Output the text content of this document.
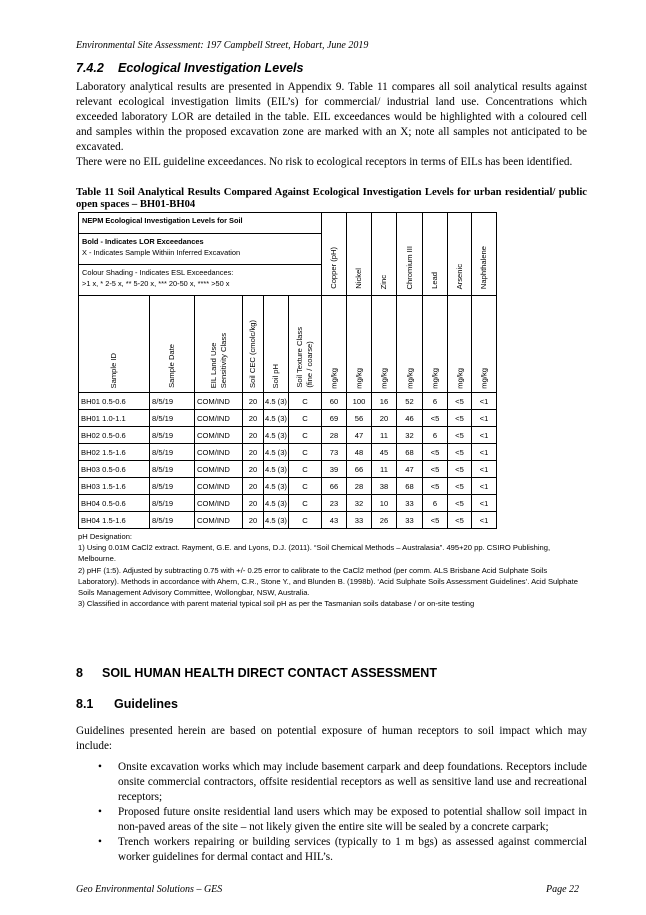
Environmental Site Assessment: 197 Campbell Street, Hobart, June 2019
7.4.2 Ecological Investigation Levels
Laboratory analytical results are presented in Appendix 9. Table 11 compares all soil analytical results against relevant ecological investigation limits (EIL’s) for commercial/ industrial land use. Concentrations which exceeded laboratory LOR are detailed in the table. EIL exceedances would be highlighted with a coloured cell and samples within the proposed excavation zone are marked with an X; note all samples not anticipated to be excavated.
There were no EIL guideline exceedances. No risk to ecological receptors in terms of EILs has been identified.
Table 11 Soil Analytical Results Compared Against Ecological Investigation Levels for urban residential/ public open spaces – BH01-BH04
NEPM Ecological Investigation Levels for Soil						Copper (pH)	Nickel	Zinc	Chromium III	Lead	Arsenic	Naphthalene

Bold - Indicates LOR Exceedances
X - Indicates Sample Withiin Inferred Excavation												

Colour Shading - Indicates ESL Exceedances:
>1 x, * 2-5 x, ** 5-20 x, *** 20-50 x, **** >50 x												

Sample ID	Sample Date	EIL Land Use
Sensitivity Class	Soil CEC (cmolc/kg)	Soil pH	Soil Texture Class
(fine / coarse)							

						mg/kg	mg/kg	mg/kg	mg/kg	mg/kg	mg/kg	mg/kg

BH01 0.5-0.6	8/5/19	COM/IND	20	4.5 (3)	C	60	100	16	52	6	<5	<1
BH01 1.0-1.1	8/5/19	COM/IND	20	4.5 (3)	C	69	56	20	46	<5	<5	<1
BH02 0.5-0.6	8/5/19	COM/IND	20	4.5 (3)	C	28	47	11	32	6	<5	<1
BH02 1.5-1.6	8/5/19	COM/IND	20	4.5 (3)	C	73	48	45	68	<5	<5	<1
BH03 0.5-0.6	8/5/19	COM/IND	20	4.5 (3)	C	39	66	11	47	<5	<5	<1
BH03 1.5-1.6	8/5/19	COM/IND	20	4.5 (3)	C	66	28	38	68	<5	<5	<1
BH04 0.5-0.6	8/5/19	COM/IND	20	4.5 (3)	C	23	32	10	33	6	<5	<1
BH04 1.5-1.6	8/5/19	COM/IND	20	4.5 (3)	C	43	33	26	33	<5	<5	<1
pH Designation:
1) Using 0.01M CaCl2 extract. Rayment, G.E. and Lyons, D.J. (2011). “Soil Chemical Methods – Australasia”. 495+20 pp. CSIRO Publishing, Melbourne.
2) pHF (1:5). Adjusted by subtracting 0.75 with +/- 0.25 error to calibrate to the CaCl2 method (per comm. ALS Brisbane Acid Sulphate Soils Laboratory). Methods in accordance with Ahern, C.R., Stone Y., and Blunden B. (1998b). ‘Acid Sulphate Soils Assessment Guidelines’. Acid Sulphate Soils Management Advisory Committee, Wollongbar, NSW, Australia.
3) Classified in accordance with parent material typical soil pH as per the Tasmanian soils database / or on-site testing
8 SOIL HUMAN HEALTH DIRECT CONTACT ASSESSMENT
8.1 Guidelines
Guidelines presented herein are based on potential exposure of human receptors to soil impact which may include:
• Onsite excavation works which may include basement carpark and deep foundations. Receptors include onsite commercial contractors, offsite residential receptors as well as sensitive land use and recreational receptors;
• Proposed future onsite residential land users which may be exposed to potential shallow soil impact in non-paved areas of the site – not likely given the entire site will be sealed by a concrete carpark;
• Trench workers repairing or building services (typically to 1 m bgs) as assessed against commercial worker guidelines for dermal contact and HIL’s.
Geo Environmental Solutions – GES	Page 22
